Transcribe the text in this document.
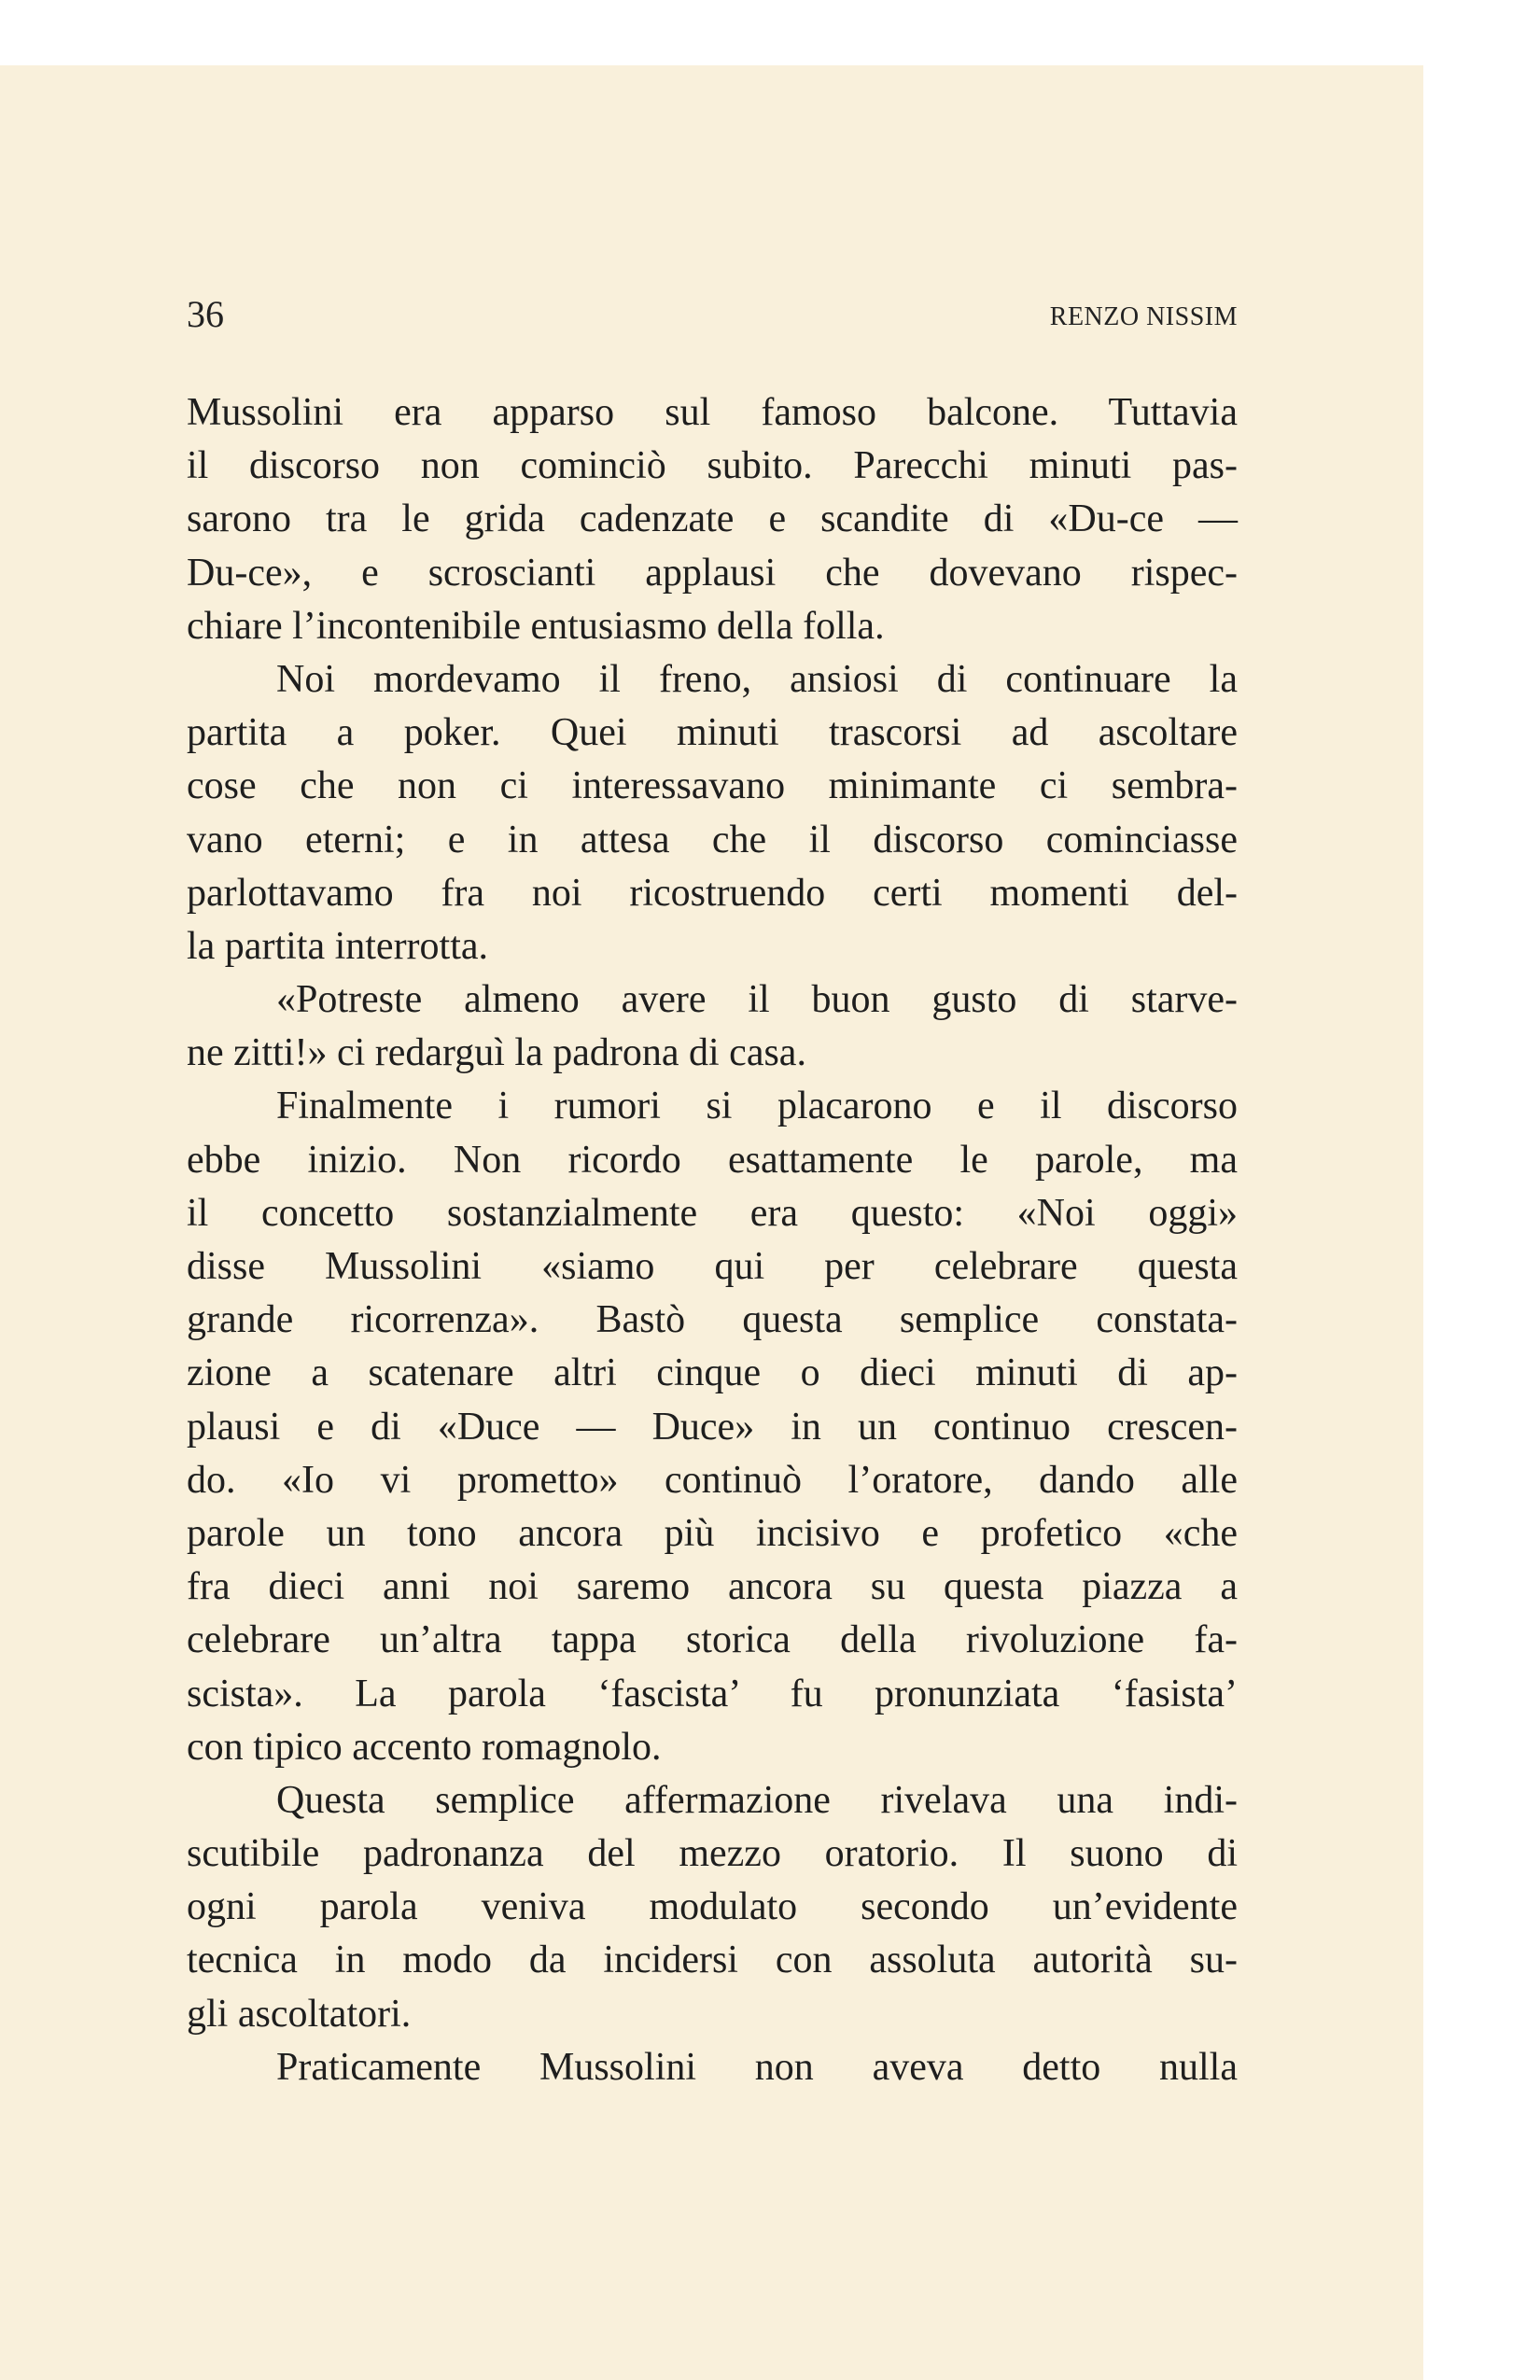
36	RENZO NISSIM
Mussolini era apparso sul famoso balcone. Tuttavia
il discorso non cominciò subito. Parecchi minuti pas-
sarono tra le grida cadenzate e scandite di «Du-ce —
Du-ce», e scroscianti applausi che dovevano rispec-
chiare l’incontenibile entusiasmo della folla.
Noi mordevamo il freno, ansiosi di continuare la
partita a poker. Quei minuti trascorsi ad ascoltare
cose che non ci interessavano minimante ci sembra-
vano eterni; e in attesa che il discorso cominciasse
parlottavamo fra noi ricostruendo certi momenti del-
la partita interrotta.
«Potreste almeno avere il buon gusto di starve-
ne zitti!» ci redarguì la padrona di casa.
Finalmente i rumori si placarono e il discorso
ebbe inizio. Non ricordo esattamente le parole, ma
il concetto sostanzialmente era questo: «Noi oggi»
disse Mussolini «siamo qui per celebrare questa
grande ricorrenza». Bastò questa semplice constata-
zione a scatenare altri cinque o dieci minuti di ap-
plausi e di «Duce — Duce» in un continuo crescen-
do. «Io vi prometto» continuò l’oratore, dando alle
parole un tono ancora più incisivo e profetico «che
fra dieci anni noi saremo ancora su questa piazza a
celebrare un’altra tappa storica della rivoluzione fa-
scista». La parola ‘fascista’ fu pronunziata ‘fasista’
con tipico accento romagnolo.
Questa semplice affermazione rivelava una indi-
scutibile padronanza del mezzo oratorio. Il suono di
ogni parola veniva modulato secondo un’evidente
tecnica in modo da incidersi con assoluta autorità su-
gli ascoltatori.
Praticamente Mussolini non aveva detto nulla
